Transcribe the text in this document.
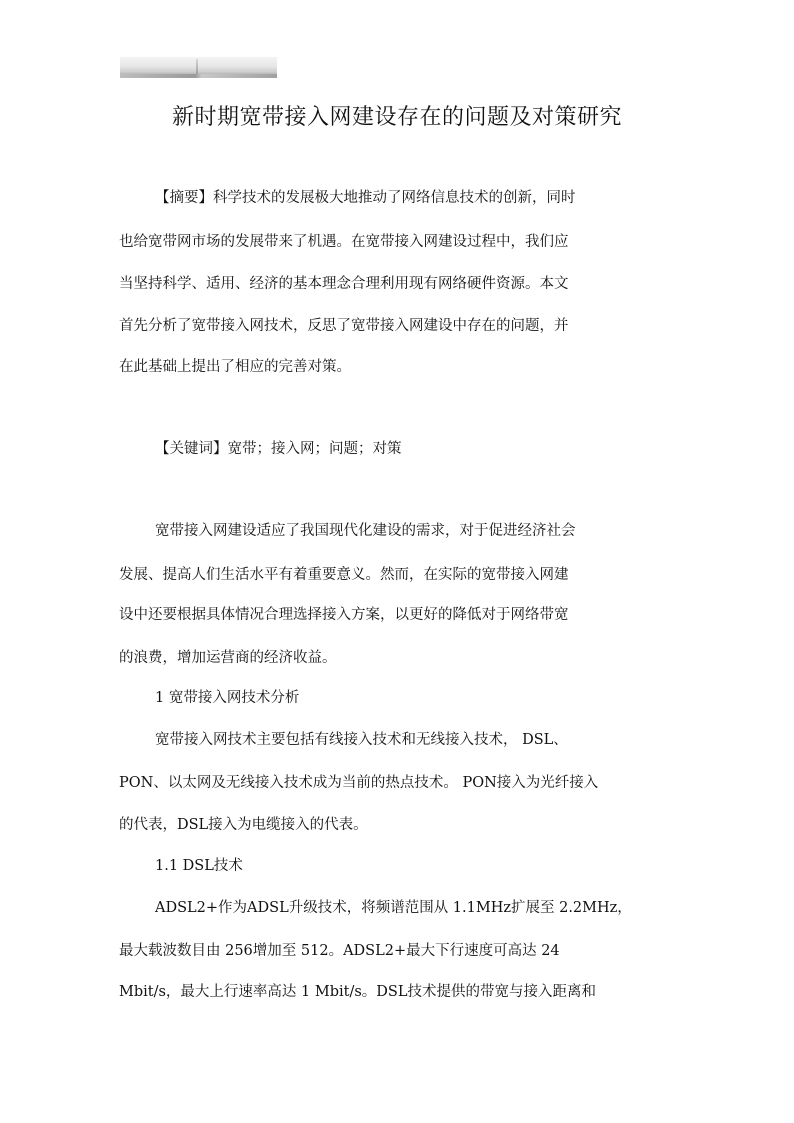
新时期宽带接入网建设存在的问题及对策研究
【摘要】科学技术的发展极大地推动了网络信息技术的创新，同时
也给宽带网市场的发展带来了机遇。在宽带接入网建设过程中，我们应
当坚持科学、适用、经济的基本理念合理利用现有网络硬件资源。本文
首先分析了宽带接入网技术，反思了宽带接入网建设中存在的问题，并
在此基础上提出了相应的完善对策。
【关键词】宽带；接入网；问题；对策
宽带接入网建设适应了我国现代化建设的需求，对于促进经济社会
发展、提高人们生活水平有着重要意义。然而，在实际的宽带接入网建
设中还要根据具体情况合理选择接入方案，以更好的降低对于网络带宽
的浪费，增加运营商的经济收益。
1 宽带接入网技术分析
宽带接入网技术主要包括有线接入技术和无线接入技术， DSL、
PON、以太网及无线接入技术成为当前的热点技术。 PON接入为光纤接入
的代表，DSL接入为电缆接入的代表。
1.1 DSL技术
ADSL2+作为ADSL升级技术，将频谱范围从 1.1MHz扩展至 2.2MHz，
最大载波数目由 256增加至 512。ADSL2+最大下行速度可高达 24
Mbit/s，最大上行速率高达 1 Mbit/s。DSL技术提供的带宽与接入距离和
